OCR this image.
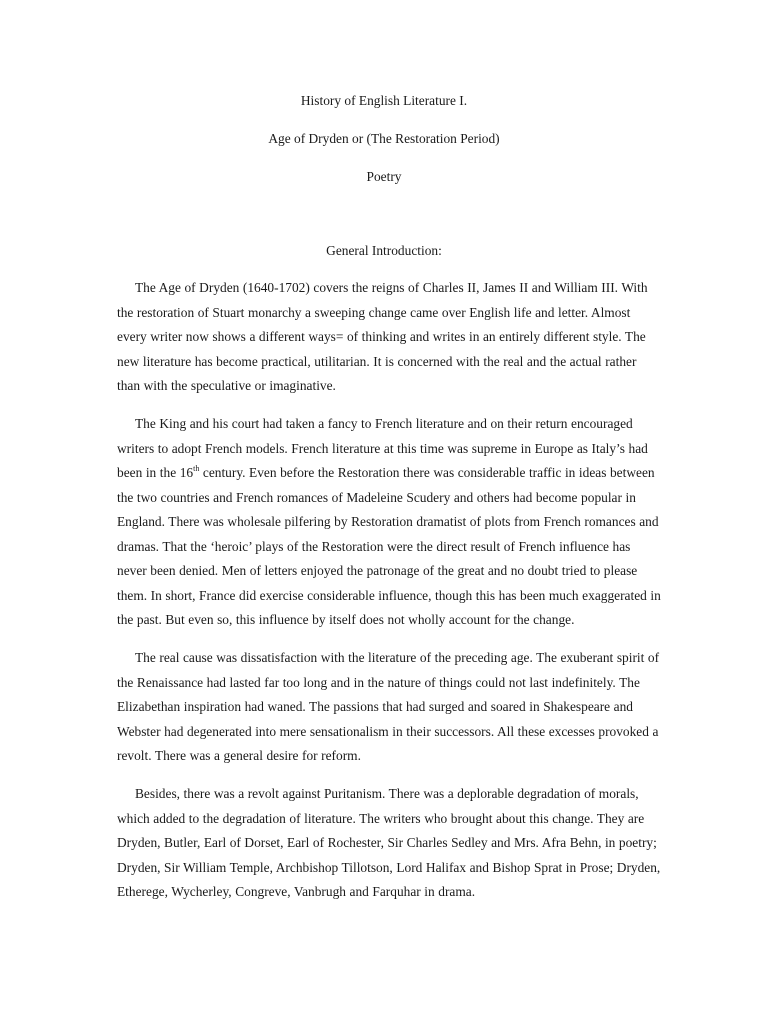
History of English Literature I.
Age of Dryden or (The Restoration Period)
Poetry
General Introduction:

The Age of Dryden (1640-1702) covers the reigns of Charles II, James II and William III. With the restoration of Stuart monarchy a sweeping change came over English life and letter. Almost every writer now shows a different ways= of thinking and writes in an entirely different style. The new literature has become practical, utilitarian. It is concerned with the real and the actual rather than with the speculative or imaginative.

The King and his court had taken a fancy to French literature and on their return encouraged writers to adopt French models. French literature at this time was supreme in Europe as Italy’s had been in the 16th century. Even before the Restoration there was considerable traffic in ideas between the two countries and French romances of Madeleine Scudery and others had become popular in England. There was wholesale pilfering by Restoration dramatist of plots from French romances and dramas. That the ‘heroic’ plays of the Restoration were the direct result of French influence has never been denied. Men of letters enjoyed the patronage of the great and no doubt tried to please them. In short, France did exercise considerable influence, though this has been much exaggerated in the past. But even so, this influence by itself does not wholly account for the change.

The real cause was dissatisfaction with the literature of the preceding age. The exuberant spirit of the Renaissance had lasted far too long and in the nature of things could not last indefinitely. The Elizabethan inspiration had waned. The passions that had surged and soared in Shakespeare and Webster had degenerated into mere sensationalism in their successors. All these excesses provoked a revolt. There was a general desire for reform.

Besides, there was a revolt against Puritanism. There was a deplorable degradation of morals, which added to the degradation of literature. The writers who brought about this change. They are Dryden, Butler, Earl of Dorset, Earl of Rochester, Sir Charles Sedley and Mrs. Afra Behn, in poetry; Dryden, Sir William Temple, Archbishop Tillotson, Lord Halifax and Bishop Sprat in Prose; Dryden, Etherege, Wycherley, Congreve, Vanbrugh and Farquhar in drama.
